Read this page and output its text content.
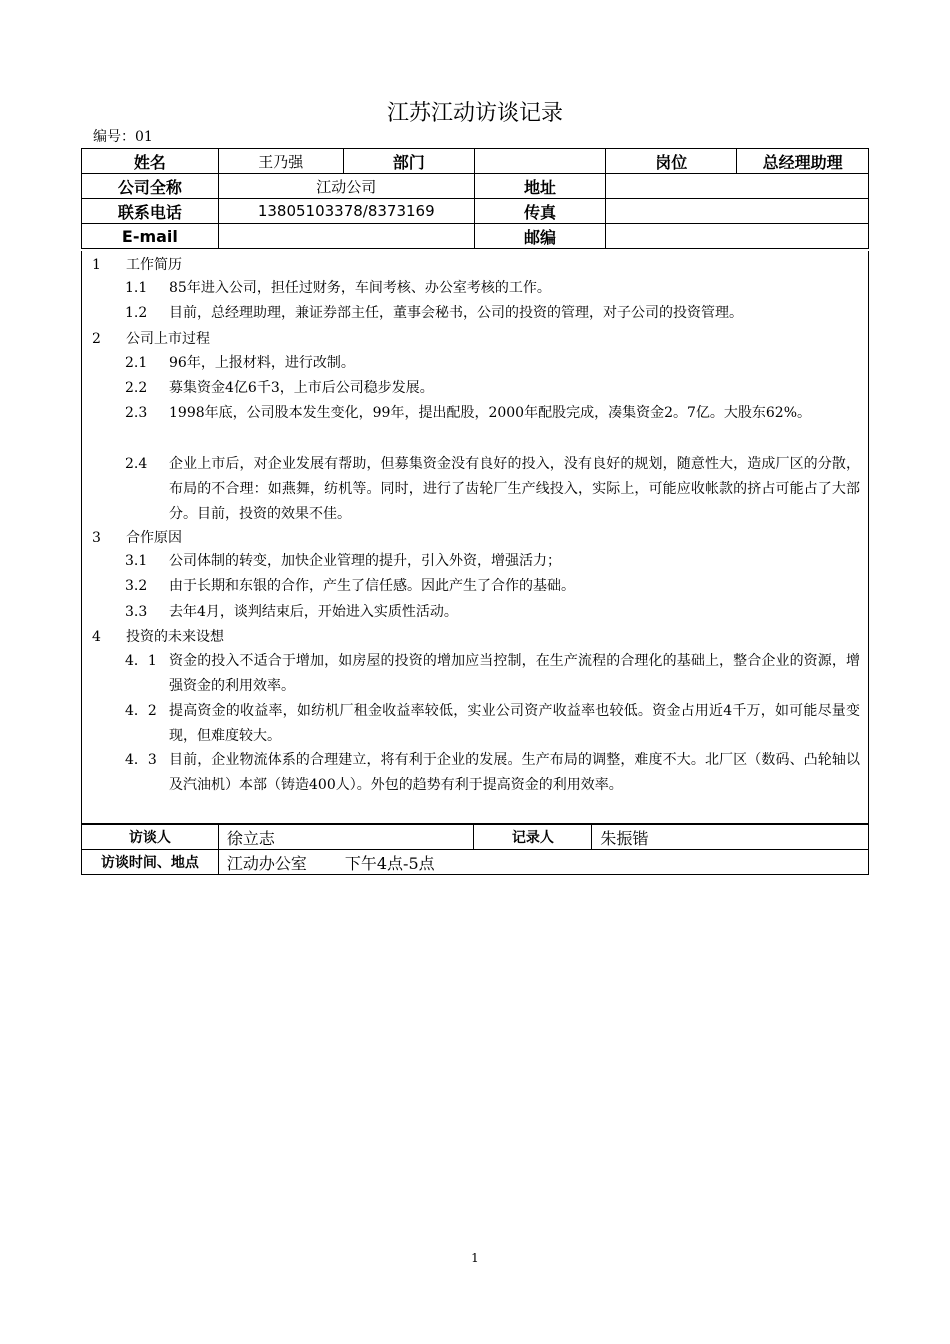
江苏江动访谈记录
编号：01
姓名	王乃强	部门		岗位	总经理助理
公司全称	江动公司		地址		
联系电话	13805103378/8373169		传真		
E-mail			邮编		
1 工作简历
1.1 85年进入公司，担任过财务，车间考核、办公室考核的工作。
1.2 目前，总经理助理，兼证券部主任，董事会秘书，公司的投资的管理，对子公司的投资管理。
2 公司上市过程
2.1 96年，上报材料，进行改制。
2.2 募集资金4亿6千3，上市后公司稳步发展。
2.3 1998年底，公司股本发生变化，99年，提出配股，2000年配股完成，凑集资金2。7亿。大股东62%。
2.4 企业上市后，对企业发展有帮助，但募集资金没有良好的投入，没有良好的规划，随意性大，造成厂区的分散，布局的不合理：如燕舞，纺机等。同时，进行了齿轮厂生产线投入，实际上，可能应收帐款的挤占可能占了大部分。目前，投资的效果不佳。
3 合作原因
3.1 公司体制的转变，加快企业管理的提升，引入外资，增强活力；
3.2 由于长期和东银的合作，产生了信任感。因此产生了合作的基础。
3.3 去年4月，谈判结束后，开始进入实质性活动。
4 投资的未来设想
4．1 资金的投入不适合于增加，如房屋的投资的增加应当控制，在生产流程的合理化的基础上，整合企业的资源，增强资金的利用效率。
4．2 提高资金的收益率，如纺机厂租金收益率较低，实业公司资产收益率也较低。资金占用近4千万，如可能尽量变现，但难度较大。
4．3 目前，企业物流体系的合理建立，将有利于企业的发展。生产布局的调整，难度不大。北厂区（数码、凸轮轴以及汽油机）本部（铸造400人）。外包的趋势有利于提高资金的利用效率。
访谈人	徐立志	记录人	朱振锴
访谈时间、地点	江动办公室 下午4点-5点		
1
